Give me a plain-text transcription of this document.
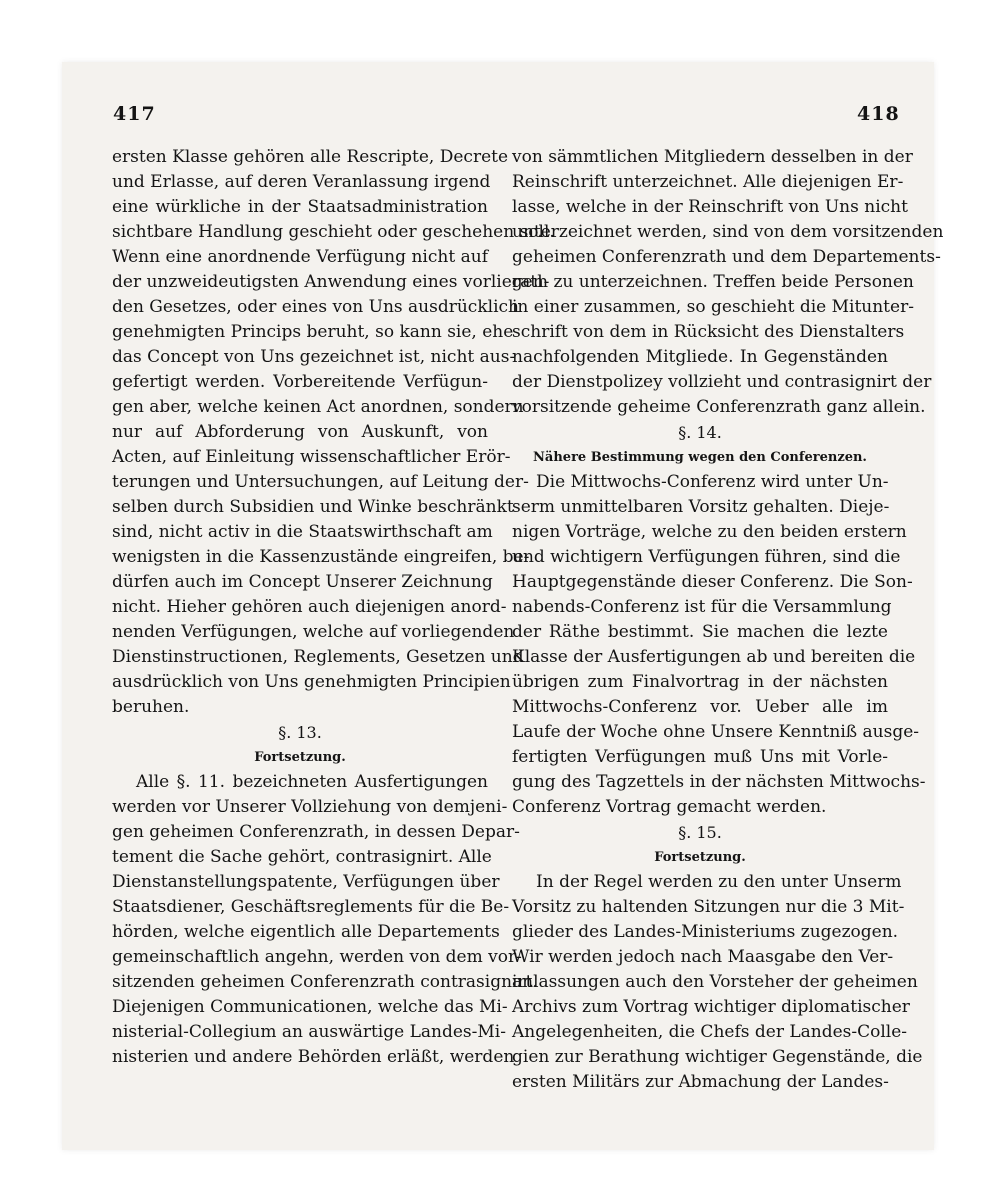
417	418
ersten Klasse gehören alle Rescripte, Decrete
und Erlasse, auf deren Veranlassung irgend
eine würkliche in der Staatsadministration
sichtbare Handlung geschieht oder geschehen soll.
Wenn eine anordnende Verfügung nicht auf
der unzweideutigsten Anwendung eines vorliegen-
den Gesetzes, oder eines von Uns ausdrücklich
genehmigten Princips beruht, so kann sie, ehe
das Concept von Uns gezeichnet ist, nicht aus-
gefertigt werden. Vorbereitende Verfügun-
gen aber, welche keinen Act anordnen, sondern
nur auf Abforderung von Auskunft, von
Acten, auf Einleitung wissenschaftlicher Erör-
terungen und Untersuchungen, auf Leitung der-
selben durch Subsidien und Winke beschränkt
sind, nicht activ in die Staatswirthschaft am
wenigsten in die Kassenzustände eingreifen, be-
dürfen auch im Concept Unserer Zeichnung
nicht. Hieher gehören auch diejenigen anord-
nenden Verfügungen, welche auf vorliegenden
Dienstinstructionen, Reglements, Gesetzen und
ausdrücklich von Uns genehmigten Principien
beruhen.
§. 13.
Fortsetzung.
Alle §. 11. bezeichneten Ausfertigungen
werden vor Unserer Vollziehung von demjeni-
gen geheimen Conferenzrath, in dessen Depar-
tement die Sache gehört, contrasignirt. Alle
Dienstanstellungspatente, Verfügungen über
Staatsdiener, Geschäftsreglements für die Be-
hörden, welche eigentlich alle Departements
gemeinschaftlich angehn, werden von dem vor-
sitzenden geheimen Conferenzrath contrasignirt.
Diejenigen Communicationen, welche das Mi-
nisterial-Collegium an auswärtige Landes-Mi-
nisterien und andere Behörden erläßt, werden
von sämmtlichen Mitgliedern desselben in der
Reinschrift unterzeichnet. Alle diejenigen Er-
lasse, welche in der Reinschrift von Uns nicht
unterzeichnet werden, sind von dem vorsitzenden
geheimen Conferenzrath und dem Departements-
rath zu unterzeichnen. Treffen beide Personen
in einer zusammen, so geschieht die Mitunter-
schrift von dem in Rücksicht des Dienstalters
nachfolgenden Mitgliede. In Gegenständen
der Dienstpolizey vollzieht und contrasignirt der
vorsitzende geheime Conferenzrath ganz allein.
§. 14.
Nähere Bestimmung wegen den Conferenzen.
Die Mittwochs-Conferenz wird unter Un-
serm unmittelbaren Vorsitz gehalten. Dieje-
nigen Vorträge, welche zu den beiden erstern
und wichtigern Verfügungen führen, sind die
Hauptgegenstände dieser Conferenz. Die Son-
nabends-Conferenz ist für die Versammlung
der Räthe bestimmt. Sie machen die lezte
Klasse der Ausfertigungen ab und bereiten die
übrigen zum Finalvortrag in der nächsten
Mittwochs-Conferenz vor. Ueber alle im
Laufe der Woche ohne Unsere Kenntniß ausge-
fertigten Verfügungen muß Uns mit Vorle-
gung des Tagzettels in der nächsten Mittwochs-
Conferenz Vortrag gemacht werden.
§. 15.
Fortsetzung.
In der Regel werden zu den unter Unserm
Vorsitz zu haltenden Sitzungen nur die 3 Mit-
glieder des Landes-Ministeriums zugezogen.
Wir werden jedoch nach Maasgabe den Ver-
anlassungen auch den Vorsteher der geheimen
Archivs zum Vortrag wichtiger diplomatischer
Angelegenheiten, die Chefs der Landes-Colle-
gien zur Berathung wichtiger Gegenstände, die
ersten Militärs zur Abmachung der Landes-
